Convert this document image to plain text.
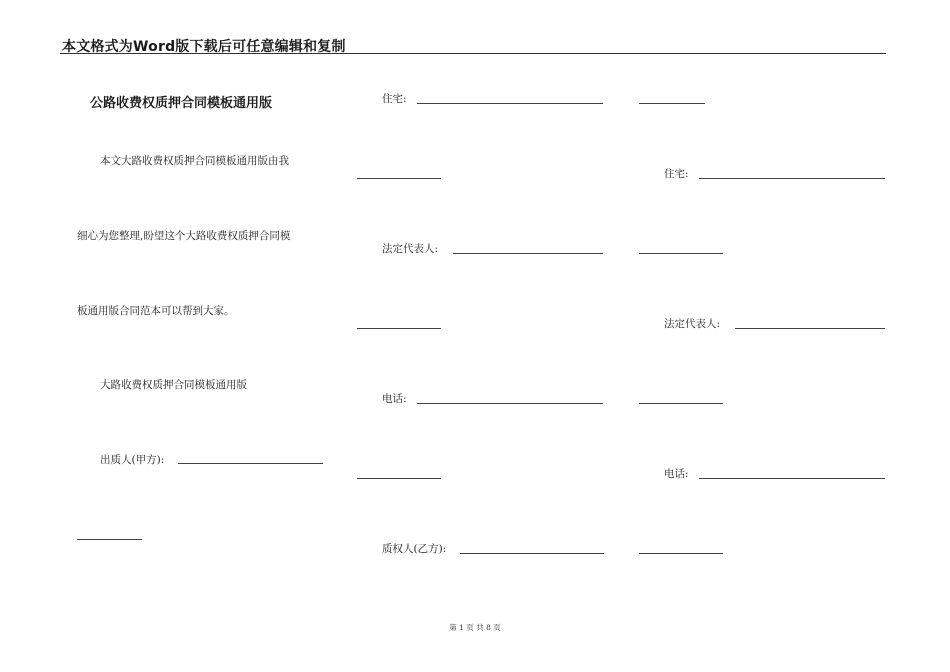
本文格式为Word版下载后可任意编辑和复制
公路收费权质押合同模板通用版
本文大路收费权质押合同模板通用版由我
细心为您整理,盼望这个大路收费权质押合同模
板通用版合同范本可以帮到大家。
大路收费权质押合同模板通用版
出质人(甲方):
住宅:
法定代表人:
电话:
质权人(乙方):
住宅:
法定代表人:
电话:
第 1 页 共 8 页
